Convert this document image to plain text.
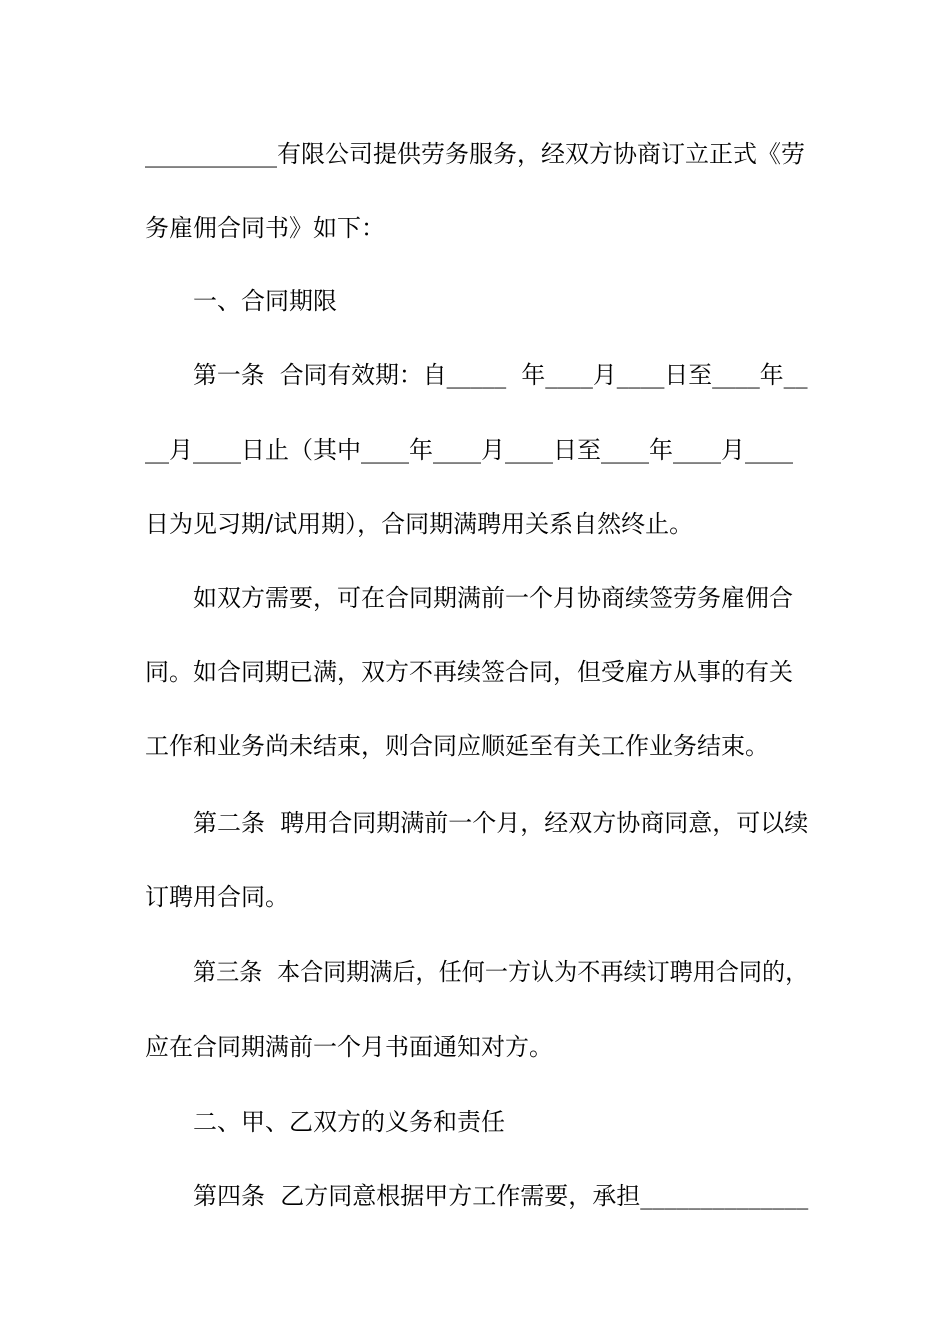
___________有限公司提供劳务服务，经双方协商订立正式《劳

务雇佣合同书》如下：

一、合同期限

第一条  合同有效期：自_____  年____月____日至____年__

__月____日止（其中____年____月____日至____年____月____

日为见习期/试用期），合同期满聘用关系自然终止。

如双方需要，可在合同期满前一个月协商续签劳务雇佣合

同。如合同期已满，双方不再续签合同，但受雇方从事的有关

工作和业务尚未结束，则合同应顺延至有关工作业务结束。

第二条  聘用合同期满前一个月，经双方协商同意，可以续

订聘用合同。

第三条  本合同期满后，任何一方认为不再续订聘用合同的，

应在合同期满前一个月书面通知对方。

二、甲、乙双方的义务和责任

第四条  乙方同意根据甲方工作需要，承担______________
